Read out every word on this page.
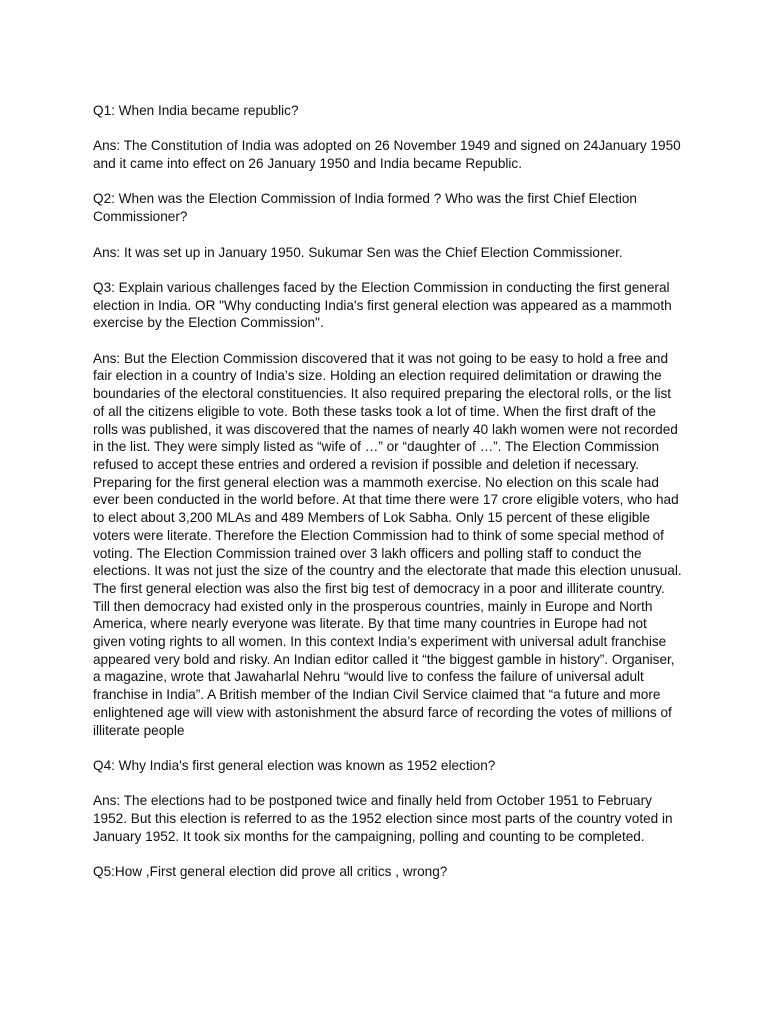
Q1: When India became republic?

Ans: The Constitution of India was adopted on 26 November 1949 and signed on 24January 1950 and it came into effect on 26 January 1950 and India became Republic.

Q2: When was the Election Commission of India formed ? Who was the first Chief Election Commissioner?

Ans: It was set up in January 1950. Sukumar Sen was the Chief Election Commissioner.

Q3: Explain various challenges faced by the Election Commission in conducting the first general election in India. OR "Why conducting India's first general election was appeared as a mammoth exercise by the Election Commission".

Ans: But the Election Commission discovered that it was not going to be easy to hold a free and fair election in a country of India’s size. Holding an election required delimitation or drawing the boundaries of the electoral constituencies. It also required preparing the electoral rolls, or the list of all the citizens eligible to vote. Both these tasks took a lot of time. When the first draft of the rolls was published, it was discovered that the names of nearly 40 lakh women were not recorded in the list. They were simply listed as “wife of …” or “daughter of …”. The Election Commission refused to accept these entries and ordered a revision if possible and deletion if necessary.

Preparing for the first general election was a mammoth exercise. No election on this scale had ever been conducted in the world before. At that time there were 17 crore eligible voters, who had to elect about 3,200 MLAs and 489 Members of Lok Sabha. Only 15 percent of these eligible voters were literate. Therefore the Election Commission had to think of some special method of voting. The Election Commission trained over 3 lakh officers and polling staff to conduct the elections. It was not just the size of the country and the electorate that made this election unusual.

The first general election was also the first big test of democracy in a poor and illiterate country. Till then democracy had existed only in the prosperous countries, mainly in Europe and North America, where nearly everyone was literate. By that time many countries in Europe had not given voting rights to all women. In this context India’s experiment with universal adult franchise appeared very bold and risky. An Indian editor called it “the biggest gamble in history”. Organiser, a magazine, wrote that Jawaharlal Nehru “would live to confess the failure of universal adult franchise in India”. A British member of the Indian Civil Service claimed that “a future and more enlightened age will view with astonishment the absurd farce of recording the votes of millions of illiterate people

Q4: Why India's first general election was known as 1952 election?

Ans: The elections had to be postponed twice and finally held from October 1951 to February 1952. But this election is referred to as the 1952 election since most parts of the country voted in January 1952. It took six months for the campaigning, polling and counting to be completed.

Q5:How ,First general election did prove all critics , wrong?
